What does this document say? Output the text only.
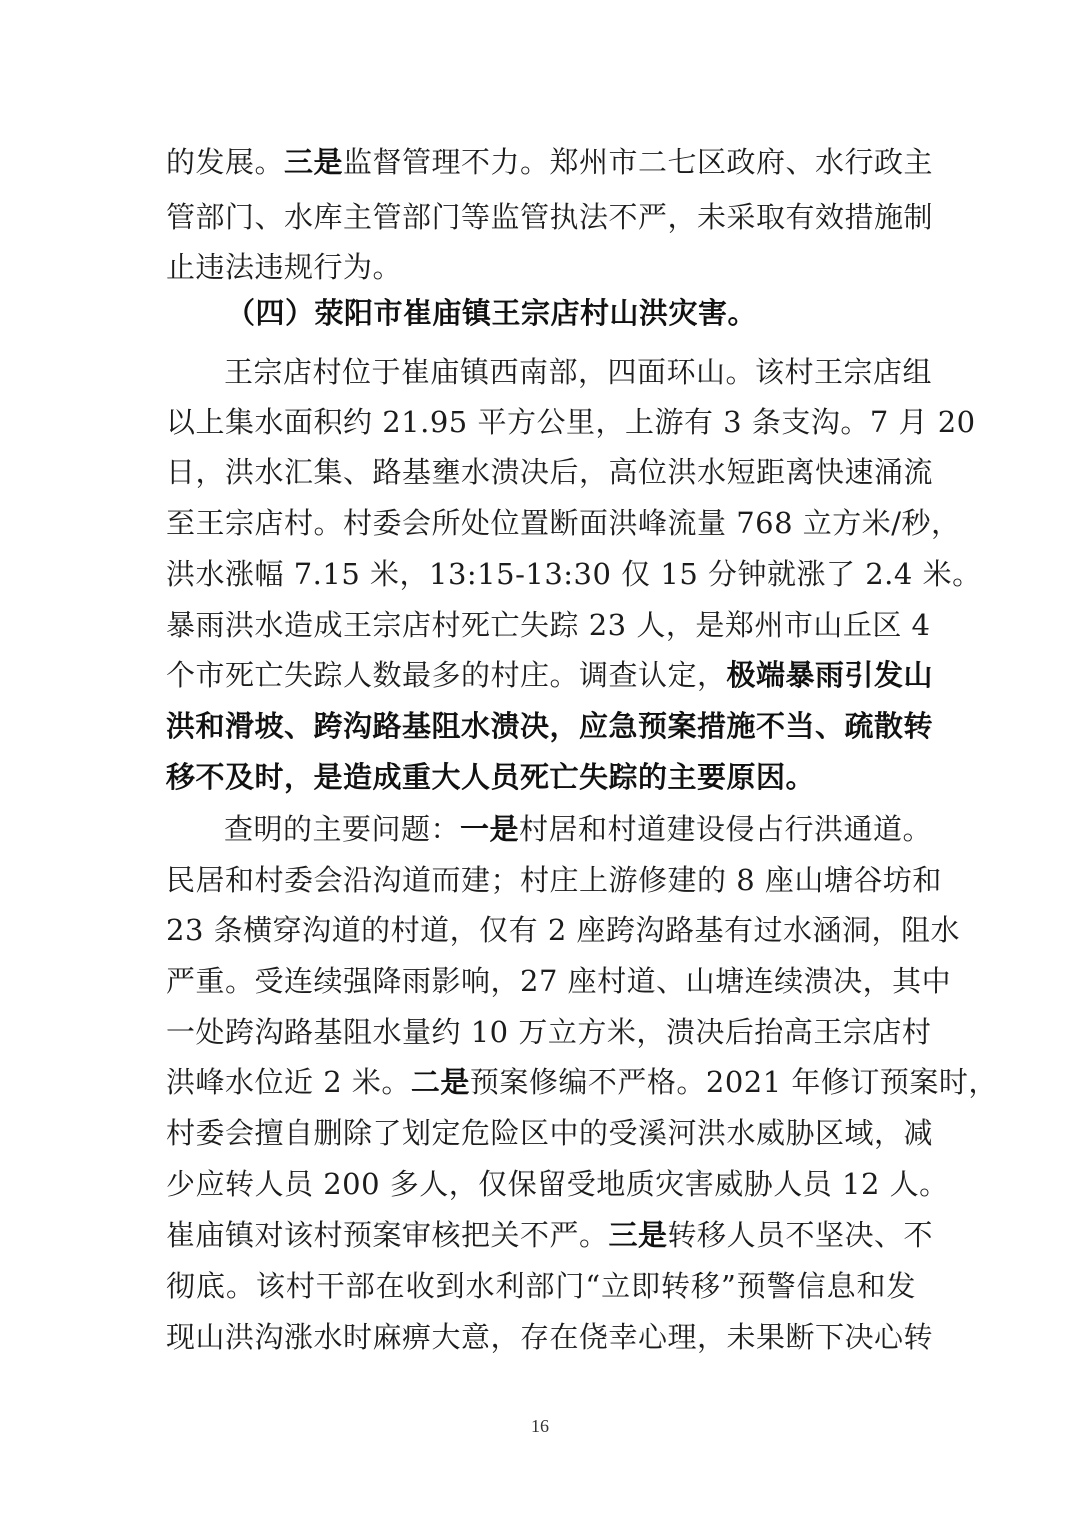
的发展。三是监督管理不力。郑州市二七区政府、水行政主
管部门、水库主管部门等监管执法不严，未采取有效措施制
止违法违规行为。
（四）荥阳市崔庙镇王宗店村山洪灾害。
王宗店村位于崔庙镇西南部，四面环山。该村王宗店组
以上集水面积约 21.95 平方公里，上游有 3 条支沟。7 月 20
日，洪水汇集、路基壅水溃决后，高位洪水短距离快速涌流
至王宗店村。村委会所处位置断面洪峰流量 768 立方米/秒，
洪水涨幅 7.15 米，13:15-13:30 仅 15 分钟就涨了 2.4 米。
暴雨洪水造成王宗店村死亡失踪 23 人，是郑州市山丘区 4
个市死亡失踪人数最多的村庄。调查认定，极端暴雨引发山
洪和滑坡、跨沟路基阻水溃决，应急预案措施不当、疏散转
移不及时，是造成重大人员死亡失踪的主要原因。
查明的主要问题：一是村居和村道建设侵占行洪通道。
民居和村委会沿沟道而建；村庄上游修建的 8 座山塘谷坊和
23 条横穿沟道的村道，仅有 2 座跨沟路基有过水涵洞，阻水
严重。受连续强降雨影响，27 座村道、山塘连续溃决，其中
一处跨沟路基阻水量约 10 万立方米，溃决后抬高王宗店村
洪峰水位近 2 米。二是预案修编不严格。2021 年修订预案时，
村委会擅自删除了划定危险区中的受溪河洪水威胁区域，减
少应转人员 200 多人，仅保留受地质灾害威胁人员 12 人。
崔庙镇对该村预案审核把关不严。三是转移人员不坚决、不
彻底。该村干部在收到水利部门“立即转移”预警信息和发
现山洪沟涨水时麻痹大意，存在侥幸心理，未果断下决心转
16
